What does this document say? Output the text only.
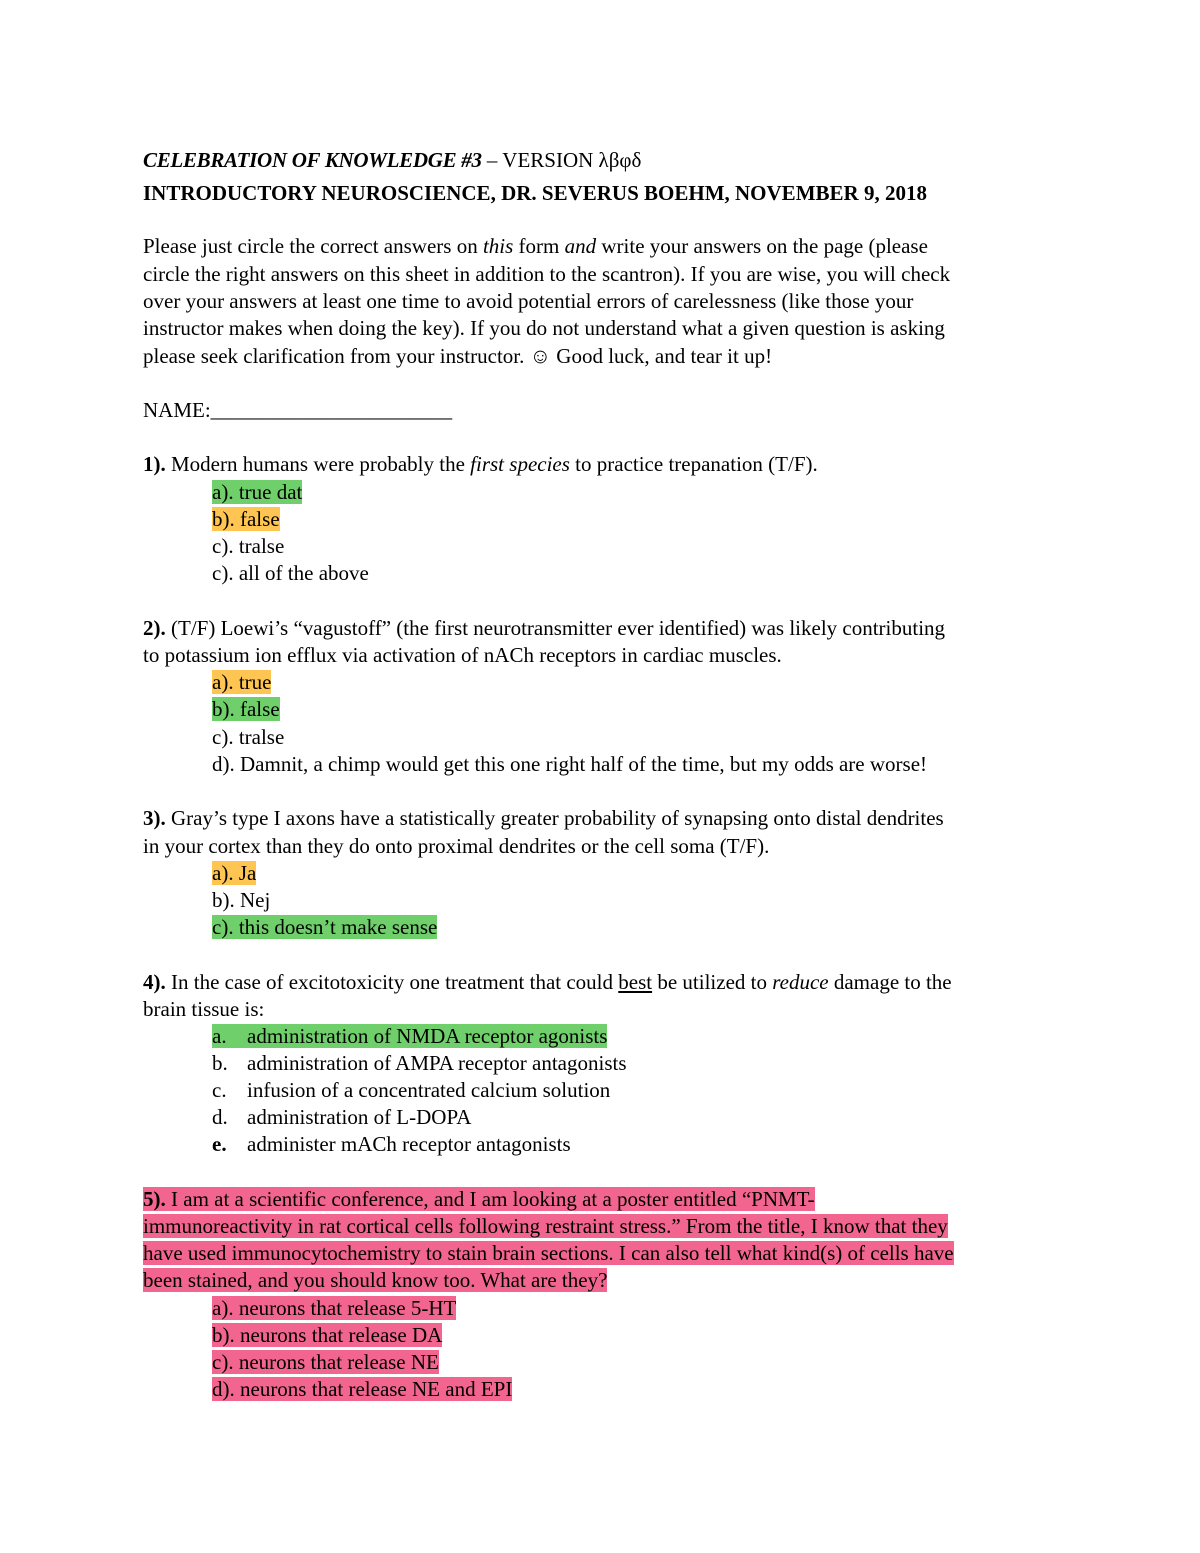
CELEBRATION OF KNOWLEDGE #3 – VERSION λβφδ
INTRODUCTORY NEUROSCIENCE, DR. SEVERUS BOEHM, NOVEMBER 9, 2018
Please just circle the correct answers on this form and write your answers on the page (please
circle the right answers on this sheet in addition to the scantron). If you are wise, you will check
over your answers at least one time to avoid potential errors of carelessness (like those your
instructor makes when doing the key). If you do not understand what a given question is asking
please seek clarification from your instructor. ☺ Good luck, and tear it up!
NAME:_______________________
1). Modern humans were probably the first species to practice trepanation (T/F).
a). true dat
b). false
c). tralse
c). all of the above
2). (T/F) Loewi’s “vagustoff” (the first neurotransmitter ever identified) was likely contributing
to potassium ion efflux via activation of nACh receptors in cardiac muscles.
a). true
b). false
c). tralse
d). Damnit, a chimp would get this one right half of the time, but my odds are worse!
3). Gray’s type I axons have a statistically greater probability of synapsing onto distal dendrites
in your cortex than they do onto proximal dendrites or the cell soma (T/F).
a). Ja
b). Nej
c). this doesn’t make sense
4). In the case of excitotoxicity one treatment that could best be utilized to reduce damage to the
brain tissue is:
a. administration of NMDA receptor agonists
b. administration of AMPA receptor antagonists
c. infusion of a concentrated calcium solution
d. administration of L-DOPA
e. administer mACh receptor antagonists
5). I am at a scientific conference, and I am looking at a poster entitled “PNMT-
immunoreactivity in rat cortical cells following restraint stress.” From the title, I know that they
have used immunocytochemistry to stain brain sections. I can also tell what kind(s) of cells have
been stained, and you should know too. What are they?
a). neurons that release 5-HT
b). neurons that release DA
c). neurons that release NE
d). neurons that release NE and EPI
